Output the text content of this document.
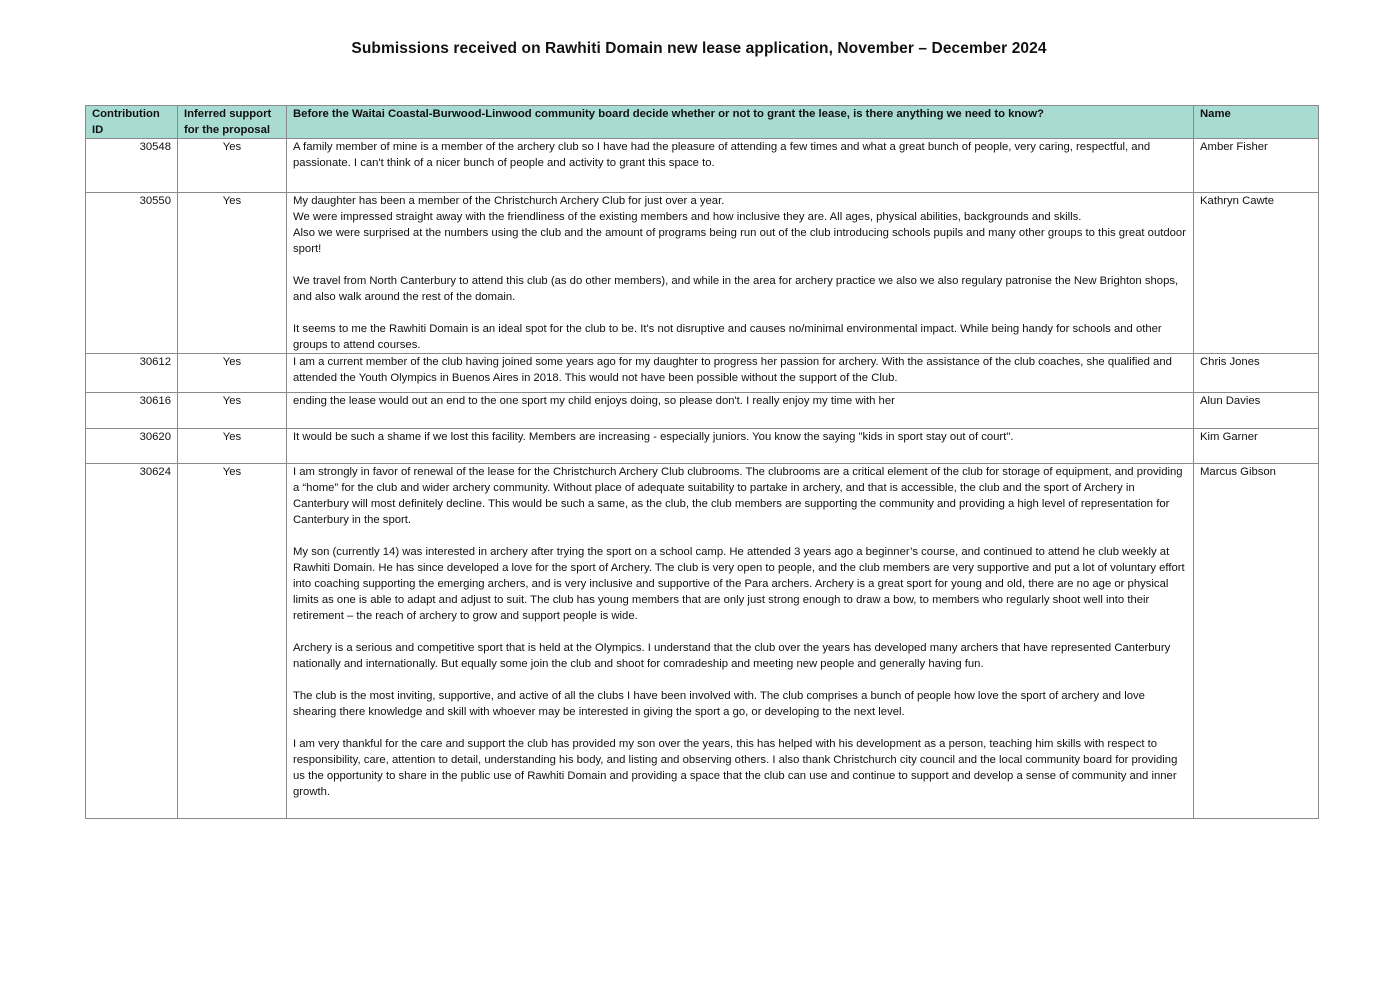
Submissions received on Rawhiti Domain new lease application, November – December 2024
Contribution ID	Inferred support for the proposal	Before the Waitai Coastal-Burwood-Linwood community board decide whether or not to grant the lease, is there anything we need to know?	Name
30548	Yes	A family member of mine is a member of the archery club so I have had the pleasure of attending a few times and what a great bunch of people, very caring, respectful, and passionate. I can't think of a nicer bunch of people and activity to grant this space to.	Amber Fisher
30550	Yes	My daughter has been a member of the Christchurch Archery Club for just over a year.
We were impressed straight away with the friendliness of the existing members and how inclusive they are. All ages, physical abilities, backgrounds and skills.
Also we were surprised at the numbers using the club and the amount of programs being run out of the club introducing schools pupils and many other groups to this great outdoor sport!
We travel from North Canterbury to attend this club (as do other members), and while in the area for archery practice we also we also regulary patronise the New Brighton shops, and also walk around the rest of the domain.
It seems to me the Rawhiti Domain is an ideal spot for the club to be. It's not disruptive and causes no/minimal environmental impact. While being handy for schools and other groups to attend courses.	Kathryn Cawte
30612	Yes	I am a current member of the club having joined some years ago for my daughter to progress her passion for archery. With the assistance of the club coaches, she qualified and attended the Youth Olympics in Buenos Aires in 2018. This would not have been possible without the support of the Club.	Chris Jones
30616	Yes	ending the lease would out an end to the one sport my child enjoys doing, so please don't. I really enjoy my time with her	Alun Davies
30620	Yes	It would be such a shame if we lost this facility. Members are increasing - especially juniors. You know the saying "kids in sport stay out of court".	Kim Garner
30624	Yes	I am strongly in favor of renewal of the lease for the Christchurch Archery Club clubrooms. The clubrooms are a critical element of the club for storage of equipment, and providing a “home” for the club and wider archery community. Without place of adequate suitability to partake in archery, and that is accessible, the club and the sport of Archery in Canterbury will most definitely decline. This would be such a same, as the club, the club members are supporting the community and providing a high level of representation for Canterbury in the sport.
My son (currently 14) was interested in archery after trying the sport on a school camp. He attended 3 years ago a beginner’s course, and continued to attend he club weekly at Rawhiti Domain. He has since developed a love for the sport of Archery. The club is very open to people, and the club members are very supportive and put a lot of voluntary effort into coaching supporting the emerging archers, and is very inclusive and supportive of the Para archers. Archery is a great sport for young and old, there are no age or physical limits as one is able to adapt and adjust to suit. The club has young members that are only just strong enough to draw a bow, to members who regularly shoot well into their retirement – the reach of archery to grow and support people is wide.
Archery is a serious and competitive sport that is held at the Olympics. I understand that the club over the years has developed many archers that have represented Canterbury nationally and internationally. But equally some join the club and shoot for comradeship and meeting new people and generally having fun.
The club is the most inviting, supportive, and active of all the clubs I have been involved with. The club comprises a bunch of people how love the sport of archery and love shearing there knowledge and skill with whoever may be interested in giving the sport a go, or developing to the next level.
I am very thankful for the care and support the club has provided my son over the years, this has helped with his development as a person, teaching him skills with respect to responsibility, care, attention to detail, understanding his body, and listing and observing others. I also thank Christchurch city council and the local community board for providing us the opportunity to share in the public use of Rawhiti Domain and providing a space that the club can use and continue to support and develop a sense of community and inner growth.	Marcus Gibson
